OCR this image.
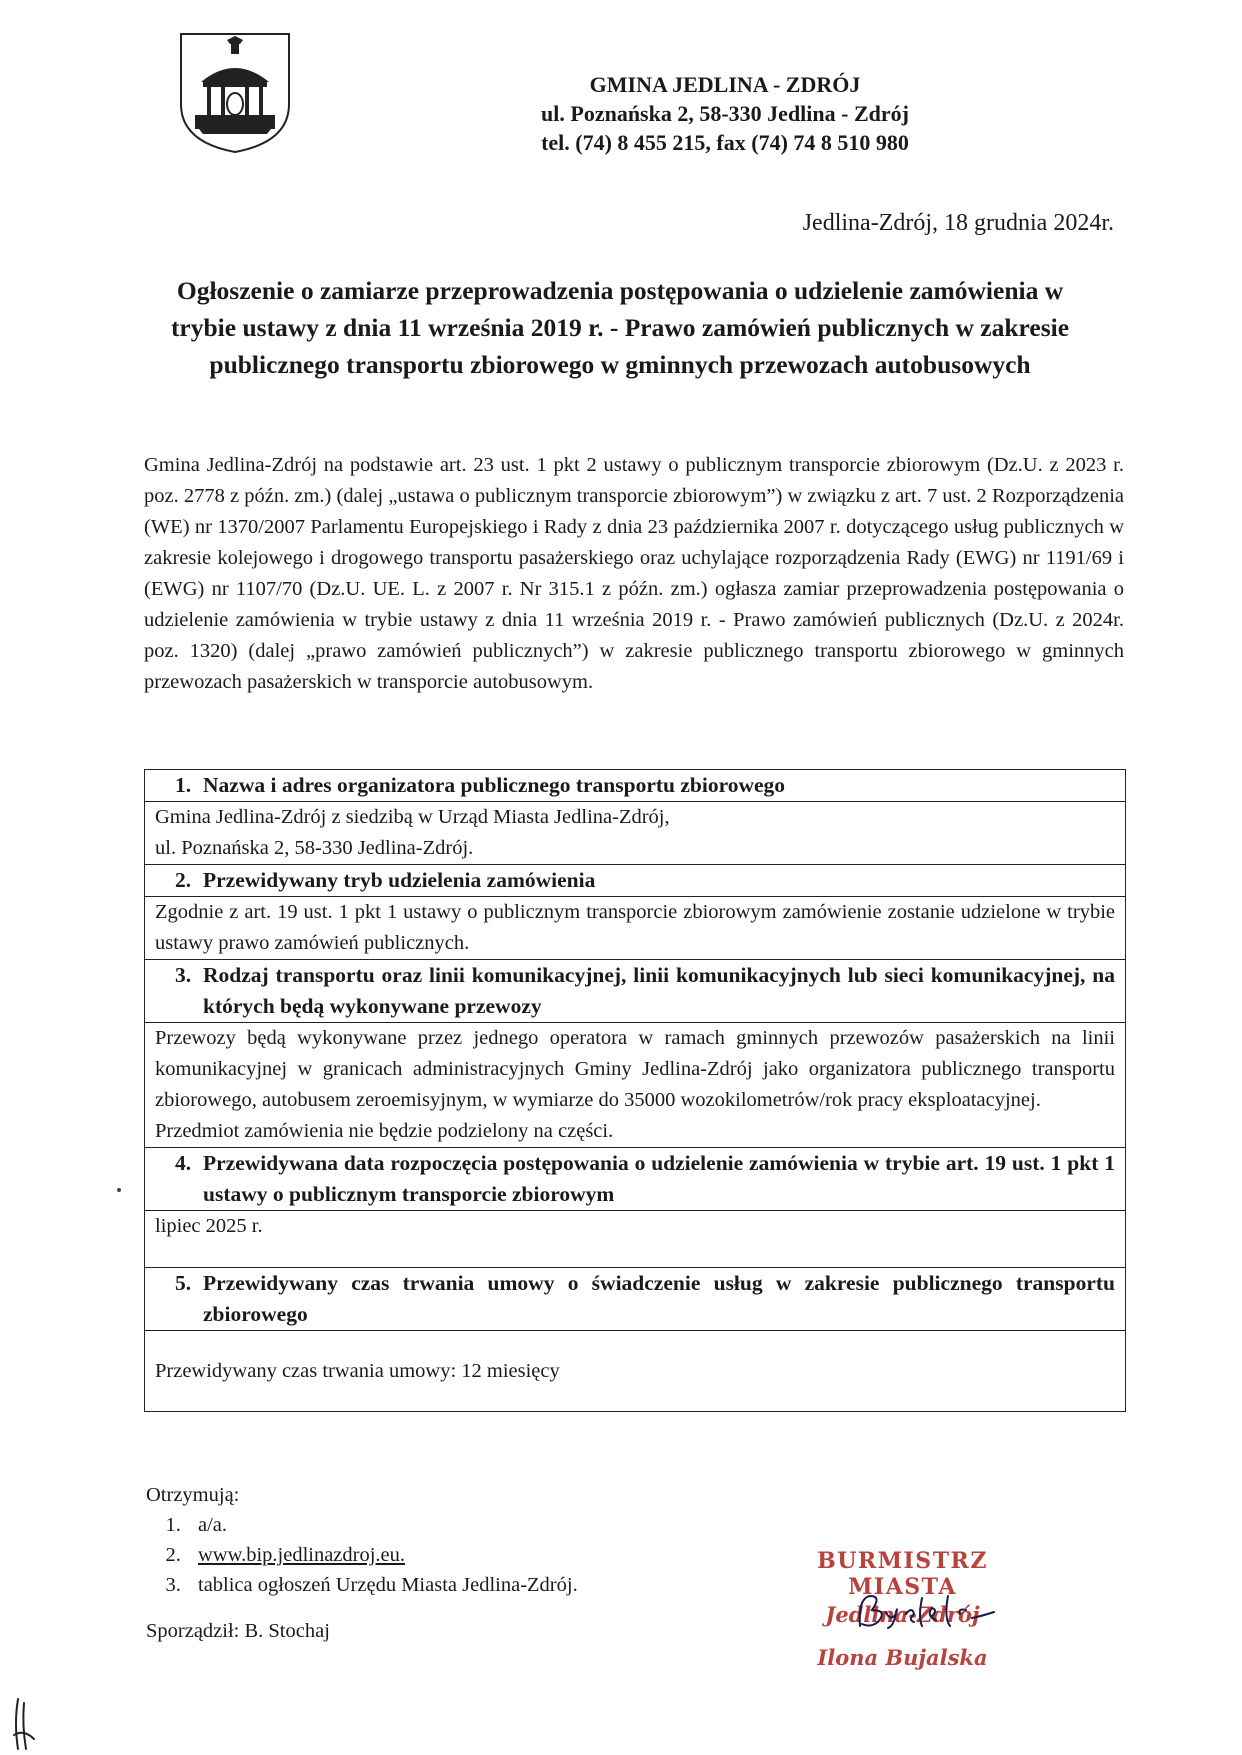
GMINA JEDLINA - ZDRÓJ
ul. Poznańska 2, 58-330 Jedlina - Zdrój
tel. (74) 8 455 215, fax (74) 74 8 510 980
Jedlina-Zdrój, 18 grudnia 2024r.
Ogłoszenie o zamiarze przeprowadzenia postępowania o udzielenie zamówienia w trybie ustawy z dnia 11 września 2019 r. - Prawo zamówień publicznych w zakresie publicznego transportu zbiorowego w gminnych przewozach autobusowych
Gmina Jedlina-Zdrój na podstawie art. 23 ust. 1 pkt 2 ustawy o publicznym transporcie zbiorowym (Dz.U. z 2023 r. poz. 2778 z późn. zm.) (dalej „ustawa o publicznym transporcie zbiorowym”) w związku z art. 7 ust. 2 Rozporządzenia (WE) nr 1370/2007 Parlamentu Europejskiego i Rady z dnia 23 października 2007 r. dotyczącego usług publicznych w zakresie kolejowego i drogowego transportu pasażerskiego oraz uchylające rozporządzenia Rady (EWG) nr 1191/69 i (EWG) nr 1107/70 (Dz.U. UE. L. z 2007 r. Nr 315.1 z późn. zm.) ogłasza zamiar przeprowadzenia postępowania o udzielenie zamówienia w trybie ustawy z dnia 11 września 2019 r. - Prawo zamówień publicznych (Dz.U. z 2024r. poz. 1320) (dalej „prawo zamówień publicznych”) w zakresie publicznego transportu zbiorowego w gminnych przewozach pasażerskich w transporcie autobusowym.
1. Nazwa i adres organizatora publicznego transportu zbiorowego

Gmina Jedlina-Zdrój z siedzibą w Urząd Miasta Jedlina-Zdrój,
ul. Poznańska 2, 58-330 Jedlina-Zdrój.

2. Przewidywany tryb udzielenia zamówienia

Zgodnie z art. 19 ust. 1 pkt 1 ustawy o publicznym transporcie zbiorowym zamówienie zostanie udzielone w trybie ustawy prawo zamówień publicznych.

3. Rodzaj transportu oraz linii komunikacyjnej, linii komunikacyjnych lub sieci komunikacyjnej, na których będą wykonywane przewozy

Przewozy będą wykonywane przez jednego operatora w ramach gminnych przewozów pasażerskich na linii komunikacyjnej w granicach administracyjnych Gminy Jedlina-Zdrój jako organizatora publicznego transportu zbiorowego, autobusem zeroemisyjnym, w wymiarze do 35000 wozokilometrów/rok pracy eksploatacyjnej.
Przedmiot zamówienia nie będzie podzielony na części.

4. Przewidywana data rozpoczęcia postępowania o udzielenie zamówienia w trybie art. 19 ust. 1 pkt 1 ustawy o publicznym transporcie zbiorowym

lipiec 2025 r.

5. Przewidywany czas trwania umowy o świadczenie usług w zakresie publicznego transportu zbiorowego

Przewidywany czas trwania umowy: 12 miesięcy
Otrzymują:
1. a/a.
2. www.bip.jedlinazdroj.eu.
3. tablica ogłoszeń Urzędu Miasta Jedlina-Zdrój.
Sporządził: B. Stochaj
BURMISTRZ MIASTA
Jedlina-Zdrój
Ilona Bujalska
